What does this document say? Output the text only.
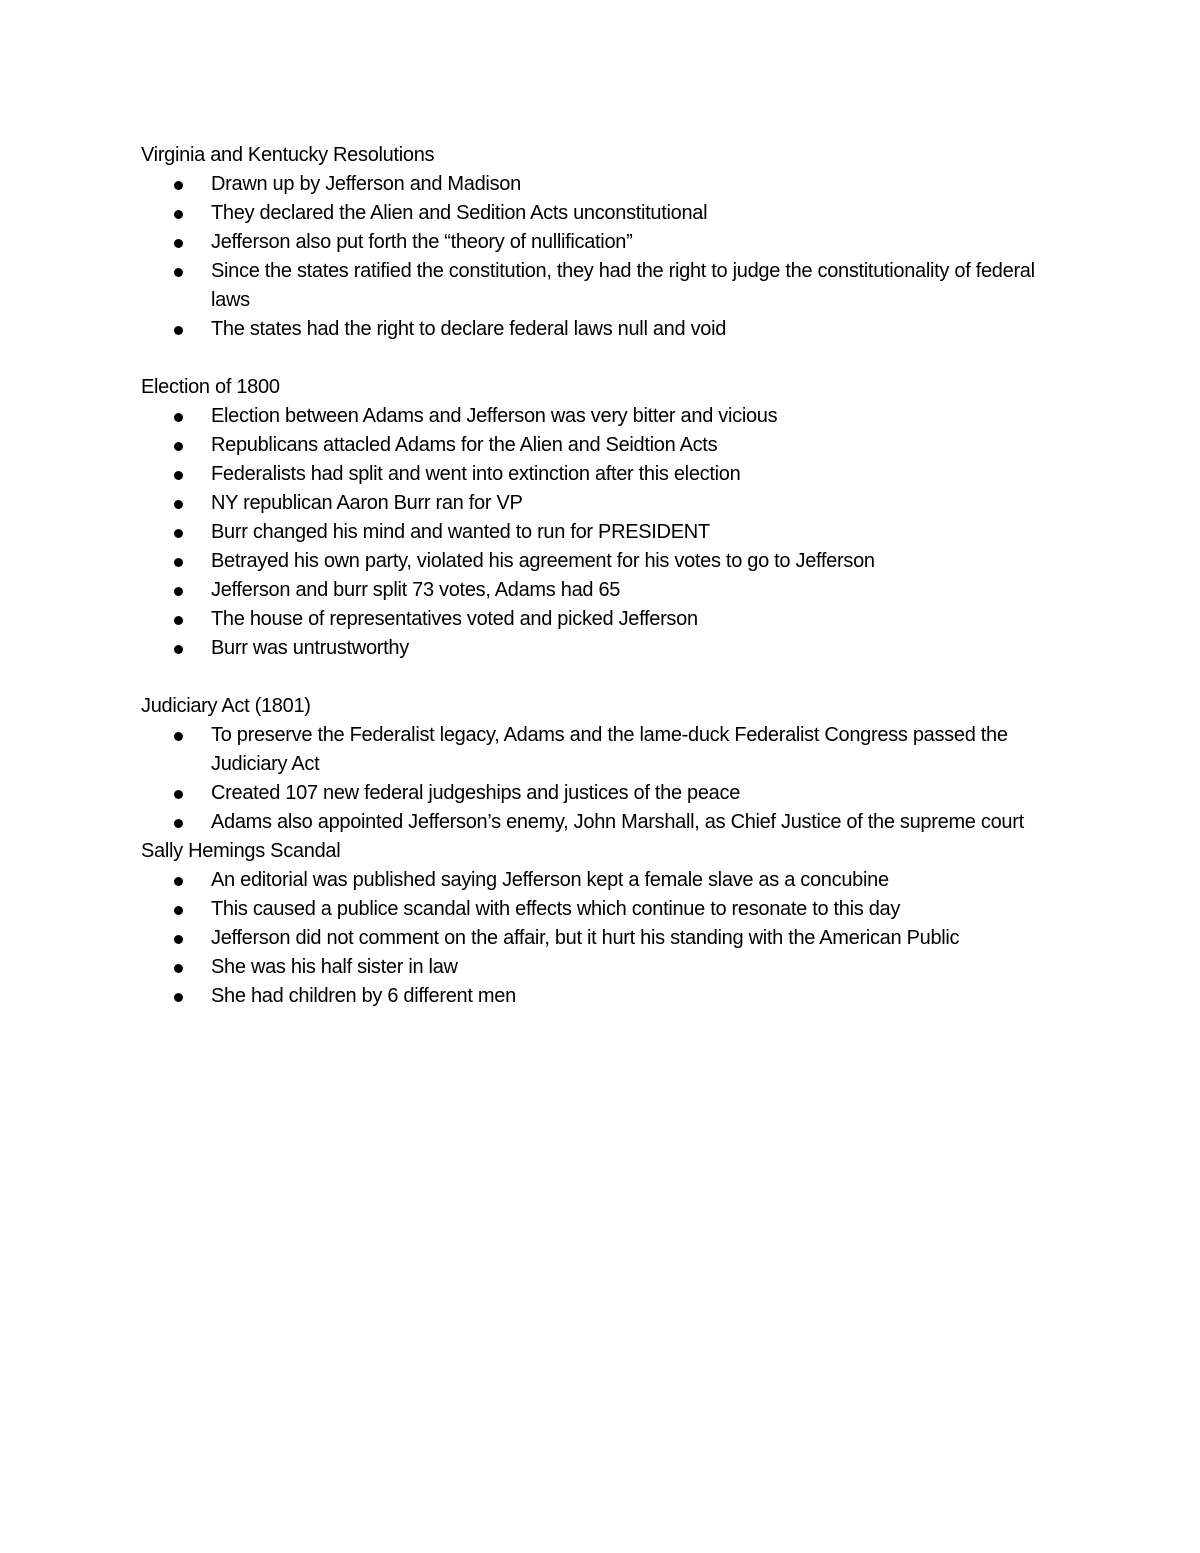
Virginia and Kentucky Resolutions

Drawn up by Jefferson and Madison
They declared the Alien and Sedition Acts unconstitutional
Jefferson also put forth the “theory of nullification”
Since the states ratified the constitution, they had the right to judge the constitutionality of federal laws
The states had the right to declare federal laws null and void

Election of 1800

Election between Adams and Jefferson was very bitter and vicious
Republicans attacled Adams for the Alien and Seidtion Acts
Federalists had split and went into extinction after this election
NY republican Aaron Burr ran for VP
Burr changed his mind and wanted to run for PRESIDENT
Betrayed his own party, violated his agreement for his votes to go to Jefferson
Jefferson and burr split 73 votes, Adams had 65
The house of representatives voted and picked Jefferson
Burr was untrustworthy

Judiciary Act (1801)

To preserve the Federalist legacy, Adams and the lame-duck Federalist Congress passed the Judiciary Act
Created 107 new federal judgeships and justices of the peace
Adams also appointed Jefferson’s enemy, John Marshall, as Chief Justice of the supreme court

Sally Hemings Scandal

An editorial was published saying Jefferson kept a female slave as a concubine
This caused a publice scandal with effects which continue to resonate to this day
Jefferson did not comment on the affair, but it hurt his standing with the American Public
She was his half sister in law
She had children by 6 different men
